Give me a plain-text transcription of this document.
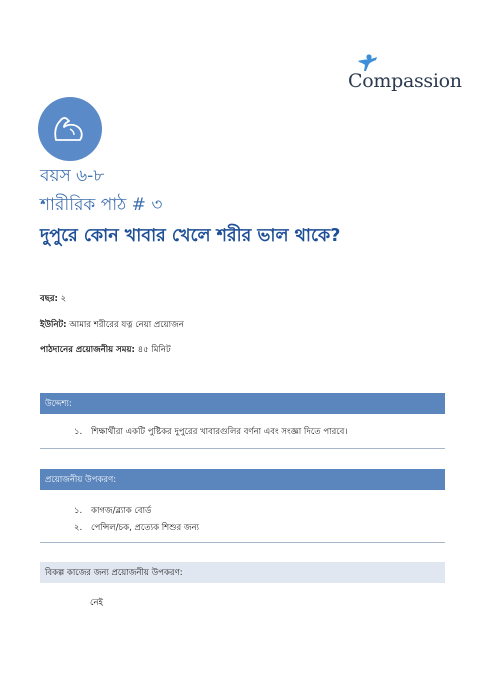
Compassion
বয়স ৬-৮
শারীরিক পাঠ # ৩
দুপুরে কোন খাবার খেলে শরীর ভাল থাকে?
বছর: ২
ইউনিট: আমার শরীরের যত্ন নেয়া প্রয়োজন
পাঠদানের প্রয়োজনীয় সময়: ৪৫ মিনিট
উদ্দেশ্য:
১. শিক্ষার্থীরা একটি পুষ্টিকর দুপুরের খাবারগুলির বর্ণনা এবং সংজ্ঞা দিতে পারবে।
প্রয়োজনীয় উপকরণ:
১. কাগজ/ব্ল্যাক বোর্ড
২. পেন্সিল/চক, প্রত্যেক শিশুর জন্য
বিকল্প কাজের জন্য প্রয়োজনীয় উপকরণ:
নেই
